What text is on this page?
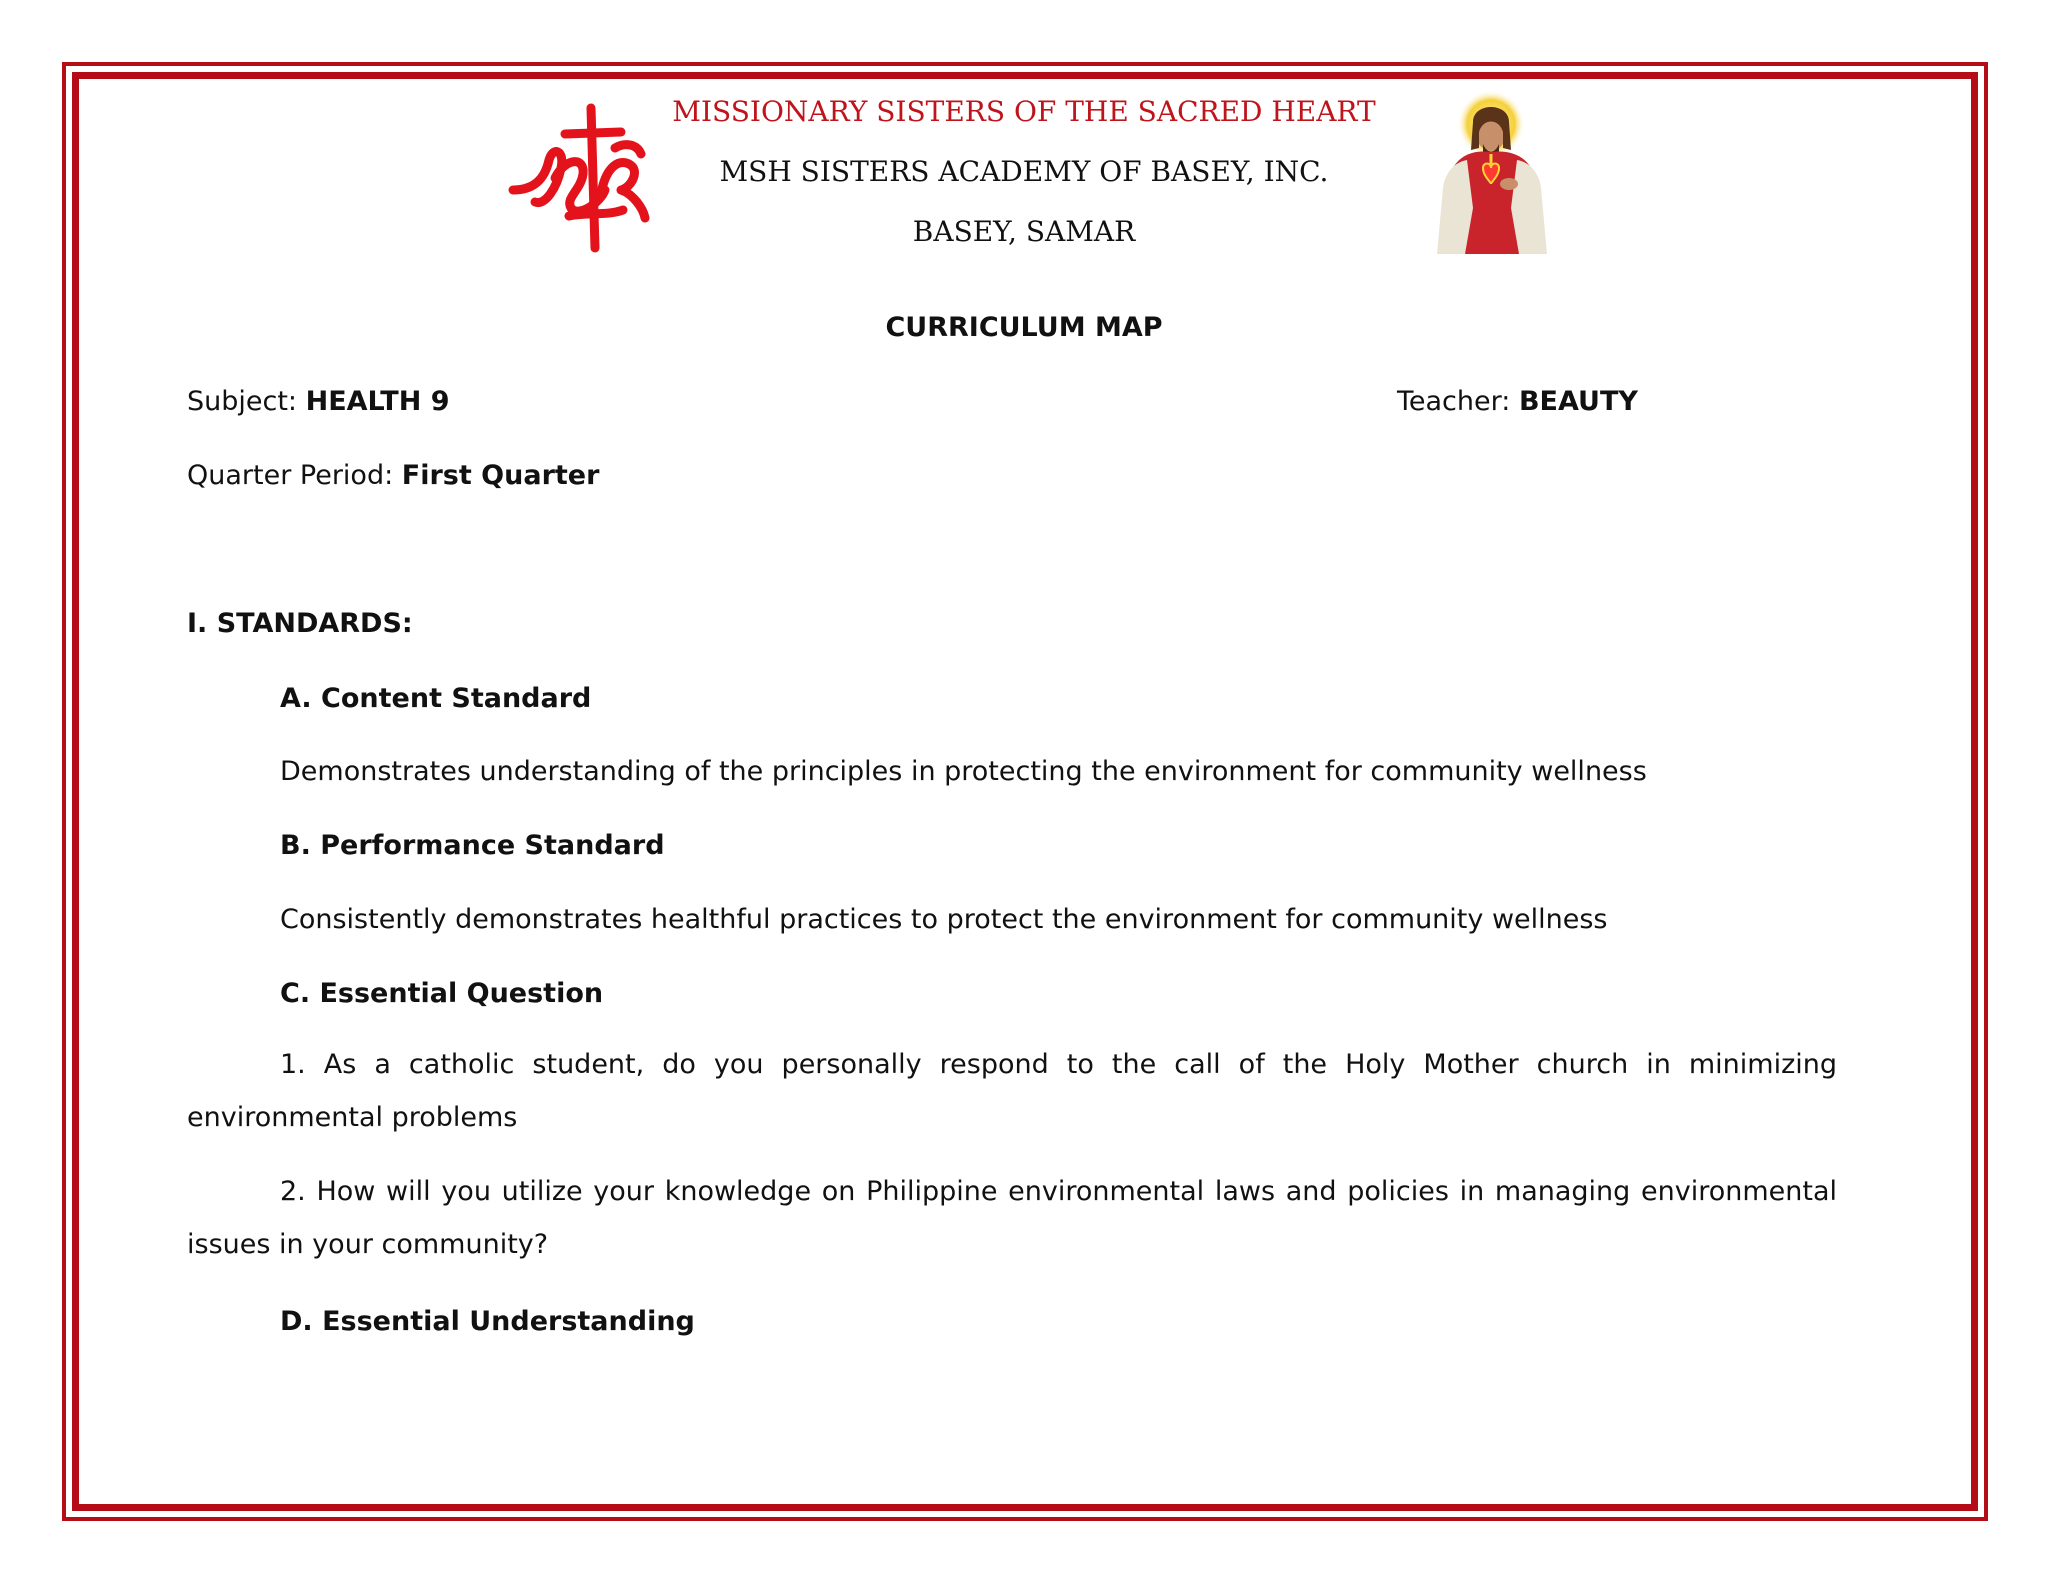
MISSIONARY SISTERS OF THE SACRED HEART
MSH SISTERS ACADEMY OF BASEY, INC.
BASEY, SAMAR
CURRICULUM MAP
Subject: HEALTH 9	Teacher: BEAUTY
Quarter Period: First Quarter
I. STANDARDS:
A. Content Standard

Demonstrates understanding of the principles in protecting the environment for community wellness

B. Performance Standard

Consistently demonstrates healthful practices to protect the environment for community wellness

C. Essential Question

1. As a catholic student, do you personally respond to the call of the Holy Mother church in minimizing environmental problems

2. How will you utilize your knowledge on Philippine environmental laws and policies in managing environmental issues in your community?

D. Essential Understanding
